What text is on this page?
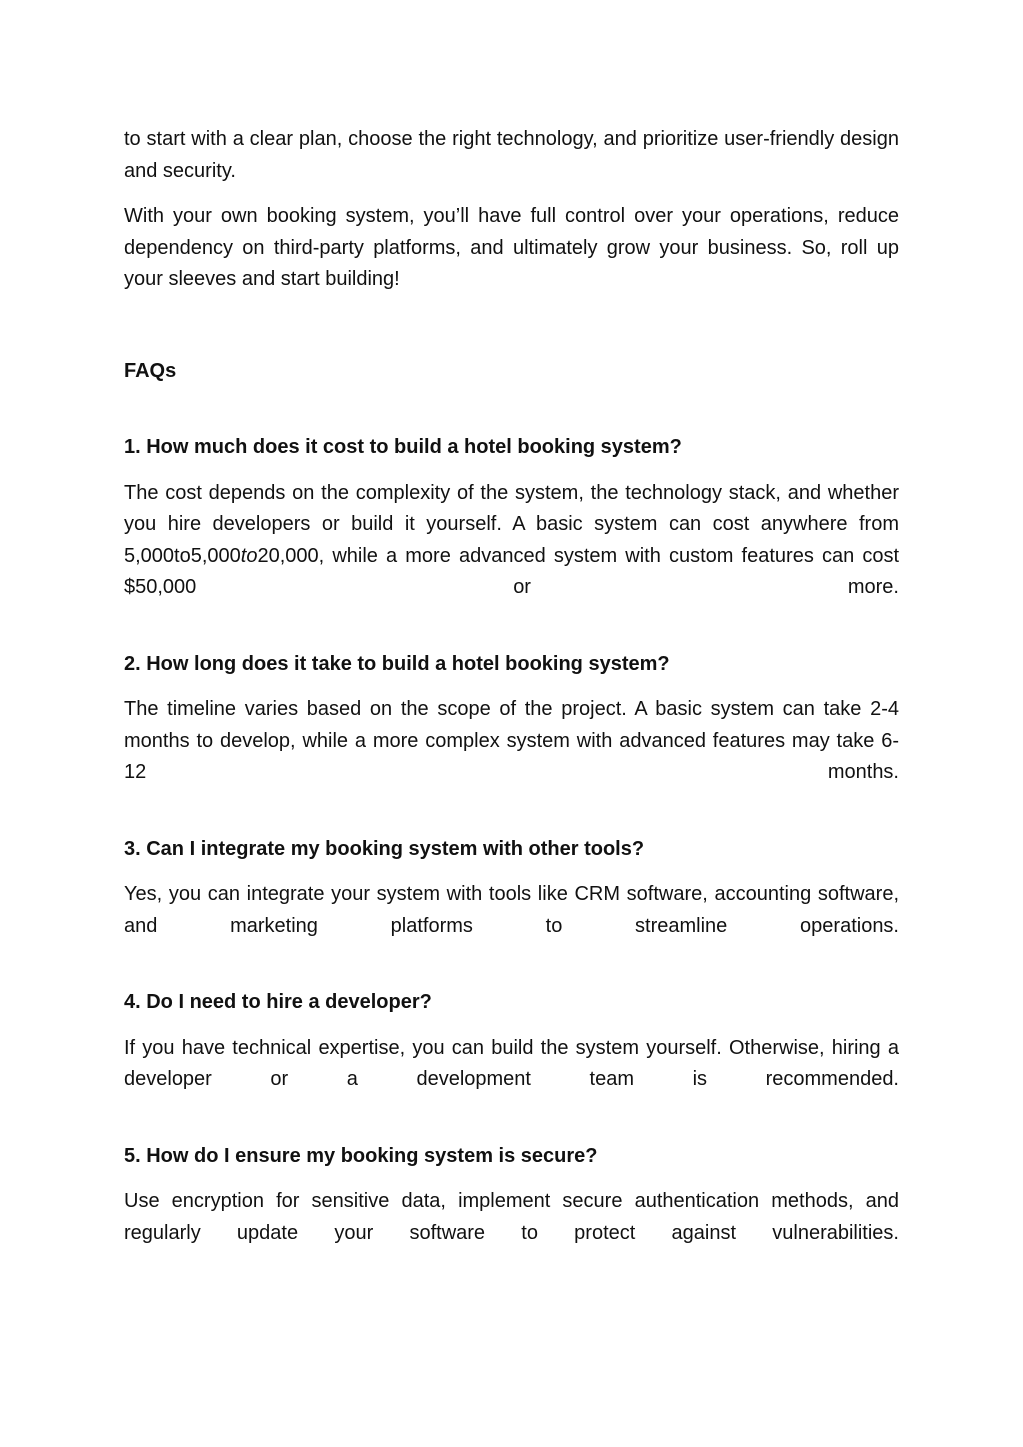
to start with a clear plan, choose the right technology, and prioritize user-friendly design and security.

With your own booking system, you’ll have full control over your operations, reduce dependency on third-party platforms, and ultimately grow your business. So, roll up your sleeves and start building!

FAQs

1. How much does it cost to build a hotel booking system?

The cost depends on the complexity of the system, the technology stack, and whether you hire developers or build it yourself. A basic system can cost anywhere from 5,000to5,000to20,000, while a more advanced system with custom features can cost $50,000 or more.

2. How long does it take to build a hotel booking system?

The timeline varies based on the scope of the project. A basic system can take 2-4 months to develop, while a more complex system with advanced features may take 6-12 months.

3. Can I integrate my booking system with other tools?

Yes, you can integrate your system with tools like CRM software, accounting software, and marketing platforms to streamline operations.

4. Do I need to hire a developer?

If you have technical expertise, you can build the system yourself. Otherwise, hiring a developer or a development team is recommended.

5. How do I ensure my booking system is secure?

Use encryption for sensitive data, implement secure authentication methods, and regularly update your software to protect against vulnerabilities.
